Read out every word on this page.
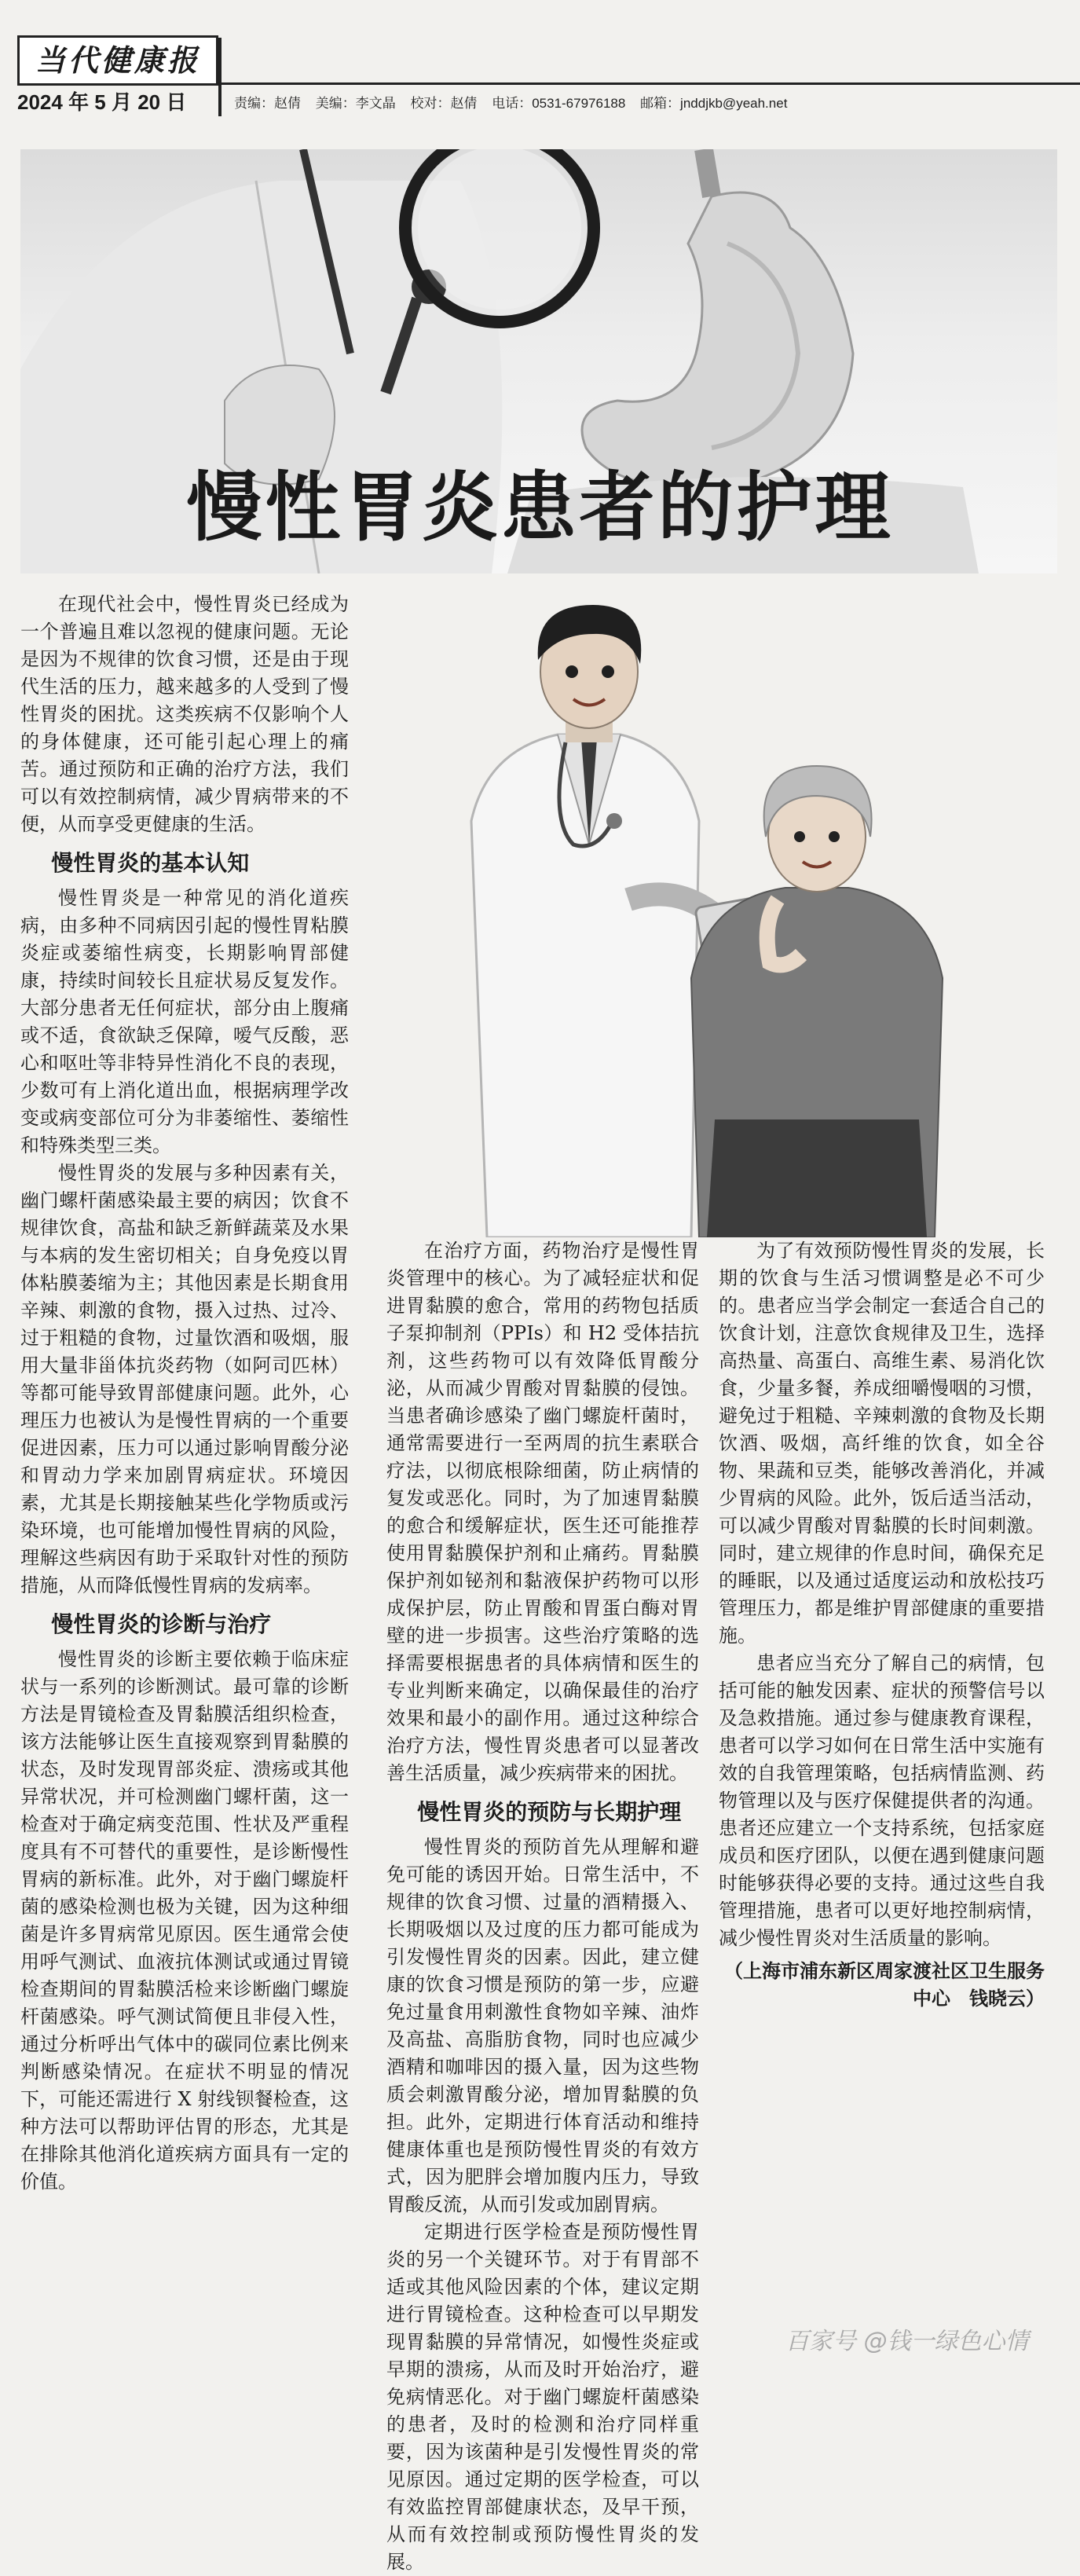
当代健康报
2024 年 5 月 20 日	责编：赵倩 美编：李文晶 校对：赵倩 电话：0531-67976188 邮箱：jnddjkb@yeah.net
慢性胃炎患者的护理

在现代社会中，慢性胃炎已经成为一个普遍且难以忽视的健康问题。无论是因为不规律的饮食习惯，还是由于现代生活的压力，越来越多的人受到了慢性胃炎的困扰。这类疾病不仅影响个人的身体健康，还可能引起心理上的痛苦。通过预防和正确的治疗方法，我们可以有效控制病情，减少胃病带来的不便，从而享受更健康的生活。

慢性胃炎的基本认知

慢性胃炎是一种常见的消化道疾病，由多种不同病因引起的慢性胃粘膜炎症或萎缩性病变，长期影响胃部健康，持续时间较长且症状易反复发作。大部分患者无任何症状，部分由上腹痛或不适，食欲缺乏保障，嗳气反酸，恶心和呕吐等非特异性消化不良的表现，少数可有上消化道出血，根据病理学改变或病变部位可分为非萎缩性、萎缩性和特殊类型三类。

慢性胃炎的发展与多种因素有关，幽门螺杆菌感染最主要的病因；饮食不规律饮食，高盐和缺乏新鲜蔬菜及水果与本病的发生密切相关；自身免疫以胃体粘膜萎缩为主；其他因素是长期食用辛辣、刺激的食物，摄入过热、过冷、过于粗糙的食物，过量饮酒和吸烟，服用大量非甾体抗炎药物（如阿司匹林）等都可能导致胃部健康问题。此外，心理压力也被认为是慢性胃病的一个重要促进因素，压力可以通过影响胃酸分泌和胃动力学来加剧胃病症状。环境因素，尤其是长期接触某些化学物质或污染环境，也可能增加慢性胃病的风险，理解这些病因有助于采取针对性的预防措施，从而降低慢性胃病的发病率。

慢性胃炎的诊断与治疗

慢性胃炎的诊断主要依赖于临床症状与一系列的诊断测试。最可靠的诊断方法是胃镜检查及胃黏膜活组织检查，该方法能够让医生直接观察到胃黏膜的状态，及时发现胃部炎症、溃疡或其他异常状况，并可检测幽门螺杆菌，这一检查对于确定病变范围、性状及严重程度具有不可替代的重要性，是诊断慢性胃病的新标准。此外，对于幽门螺旋杆菌的感染检测也极为关键，因为这种细菌是许多胃病常见原因。医生通常会使用呼气测试、血液抗体测试或通过胃镜检查期间的胃黏膜活检来诊断幽门螺旋杆菌感染。呼气测试简便且非侵入性，通过分析呼出气体中的碳同位素比例来判断感染情况。在症状不明显的情况下，可能还需进行 X 射线钡餐检查，这种方法可以帮助评估胃的形态，尤其是在排除其他消化道疾病方面具有一定的价值。

在治疗方面，药物治疗是慢性胃炎管理中的核心。为了减轻症状和促进胃黏膜的愈合，常用的药物包括质子泵抑制剂（PPIs）和 H2 受体拮抗剂，这些药物可以有效降低胃酸分泌，从而减少胃酸对胃黏膜的侵蚀。当患者确诊感染了幽门螺旋杆菌时，通常需要进行一至两周的抗生素联合疗法，以彻底根除细菌，防止病情的复发或恶化。同时，为了加速胃黏膜的愈合和缓解症状，医生还可能推荐使用胃黏膜保护剂和止痛药。胃黏膜保护剂如铋剂和黏液保护药物可以形成保护层，防止胃酸和胃蛋白酶对胃壁的进一步损害。这些治疗策略的选择需要根据患者的具体病情和医生的专业判断来确定，以确保最佳的治疗效果和最小的副作用。通过这种综合治疗方法，慢性胃炎患者可以显著改善生活质量，减少疾病带来的困扰。

慢性胃炎的预防与长期护理

慢性胃炎的预防首先从理解和避免可能的诱因开始。日常生活中，不规律的饮食习惯、过量的酒精摄入、长期吸烟以及过度的压力都可能成为引发慢性胃炎的因素。因此，建立健康的饮食习惯是预防的第一步，应避免过量食用刺激性食物如辛辣、油炸及高盐、高脂肪食物，同时也应减少酒精和咖啡因的摄入量，因为这些物质会刺激胃酸分泌，增加胃黏膜的负担。此外，定期进行体育活动和维持健康体重也是预防慢性胃炎的有效方式，因为肥胖会增加腹内压力，导致胃酸反流，从而引发或加剧胃病。

定期进行医学检查是预防慢性胃炎的另一个关键环节。对于有胃部不适或其他风险因素的个体，建议定期进行胃镜检查。这种检查可以早期发现胃黏膜的异常情况，如慢性炎症或早期的溃疡，从而及时开始治疗，避免病情恶化。对于幽门螺旋杆菌感染的患者，及时的检测和治疗同样重要，因为该菌种是引发慢性胃炎的常见原因。通过定期的医学检查，可以有效监控胃部健康状态，及早干预，从而有效控制或预防慢性胃炎的发展。

为了有效预防慢性胃炎的发展，长期的饮食与生活习惯调整是必不可少的。患者应当学会制定一套适合自己的饮食计划，注意饮食规律及卫生，选择高热量、高蛋白、高维生素、易消化饮食，少量多餐，养成细嚼慢咽的习惯，避免过于粗糙、辛辣刺激的食物及长期饮酒、吸烟，高纤维的饮食，如全谷物、果蔬和豆类，能够改善消化，并减少胃病的风险。此外，饭后适当活动，可以减少胃酸对胃黏膜的长时间刺激。同时，建立规律的作息时间，确保充足的睡眠，以及通过适度运动和放松技巧管理压力，都是维护胃部健康的重要措施。

患者应当充分了解自己的病情，包括可能的触发因素、症状的预警信号以及急救措施。通过参与健康教育课程，患者可以学习如何在日常生活中实施有效的自我管理策略，包括病情监测、药物管理以及与医疗保健提供者的沟通。患者还应建立一个支持系统，包括家庭成员和医疗团队，以便在遇到健康问题时能够获得必要的支持。通过这些自我管理措施，患者可以更好地控制病情，减少慢性胃炎对生活质量的影响。

（上海市浦东新区周家渡社区卫生服务中心　钱晓云）
百家号 @钱一绿色心情
